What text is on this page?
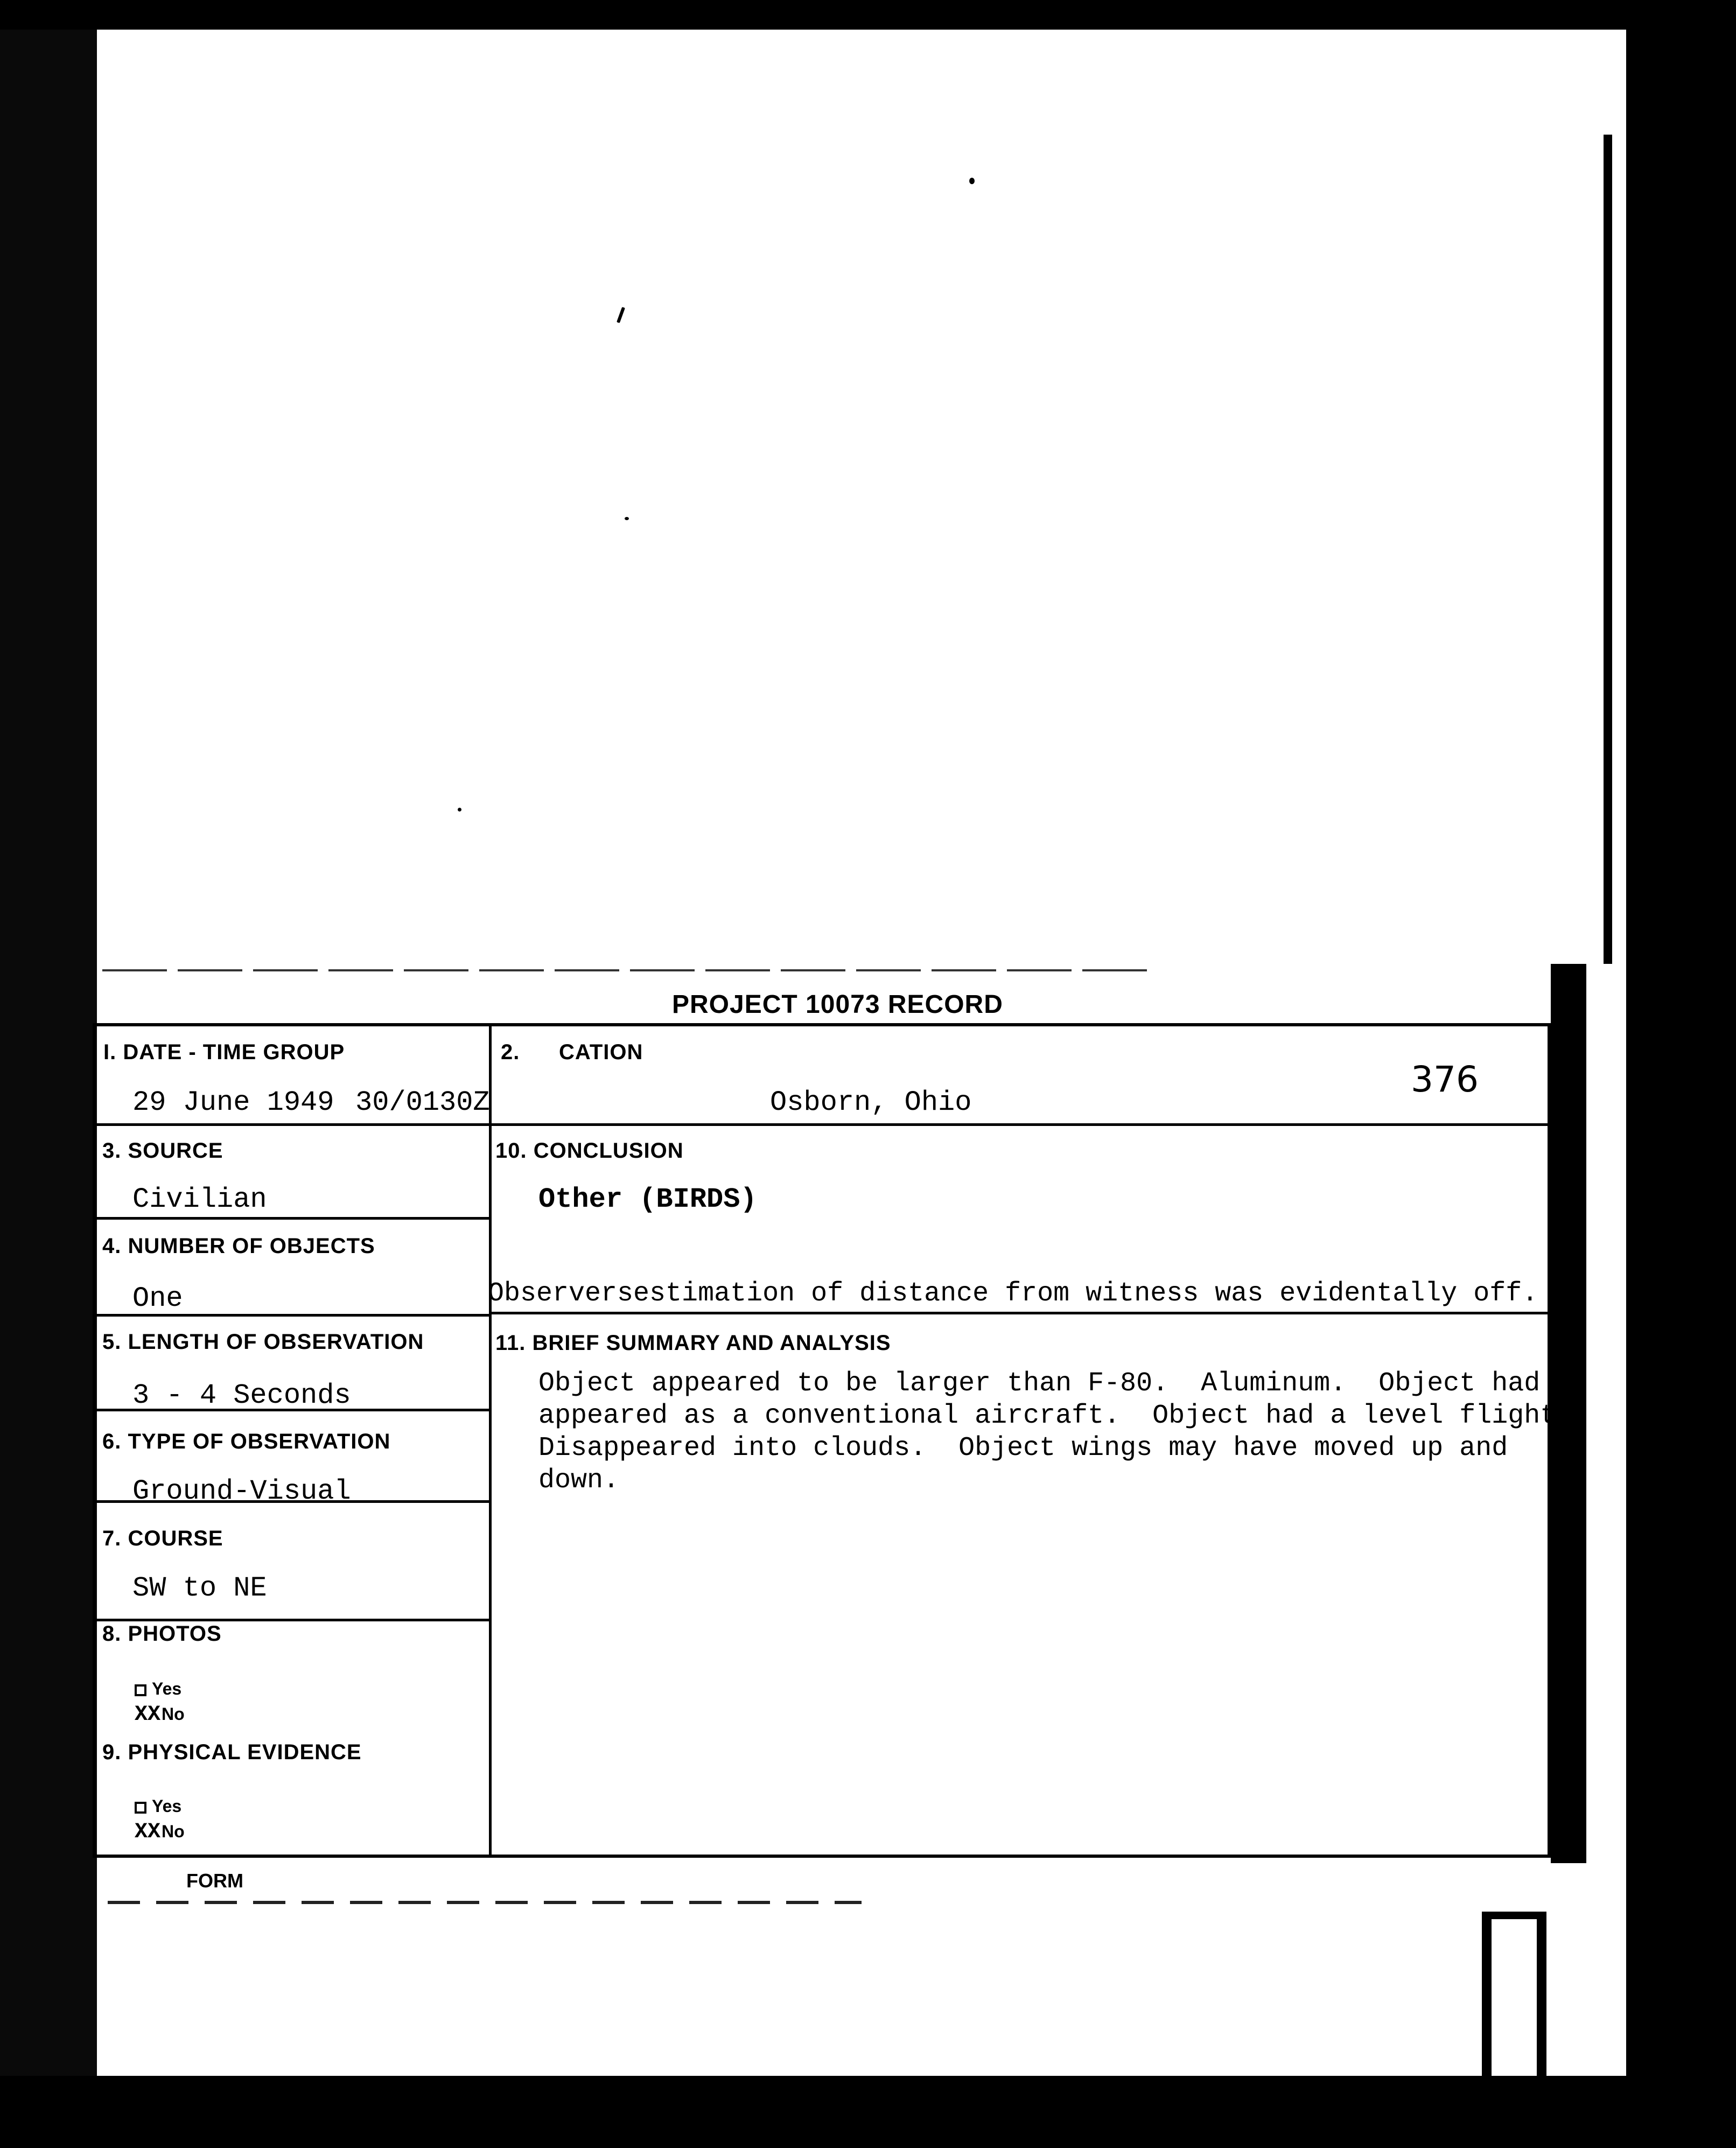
PROJECT 10073 RECORD
376
I. DATE - TIME GROUP
29 June 1949 30/0130Z
3. SOURCE
Civilian
4. NUMBER OF OBJECTS
One
5. LENGTH OF OBSERVATION
3 - 4 Seconds
6. TYPE OF OBSERVATION
Ground-Visual
7. COURSE
SW to NE
8. PHOTOS
Yes
XXNo
9. PHYSICAL EVIDENCE
Yes
XXNo
2.      CATION
Osborn, Ohio
10. CONCLUSION
Other (BIRDS)
Observersestimation of distance from witness was evidentally off.
11. BRIEF SUMMARY AND ANALYSIS
Object appeared to be larger than F-80.  Aluminum.  Object had
appeared as a conventional aircraft.  Object had a level flight.
Disappeared into clouds.  Object wings may have moved up and
down.
FORM
